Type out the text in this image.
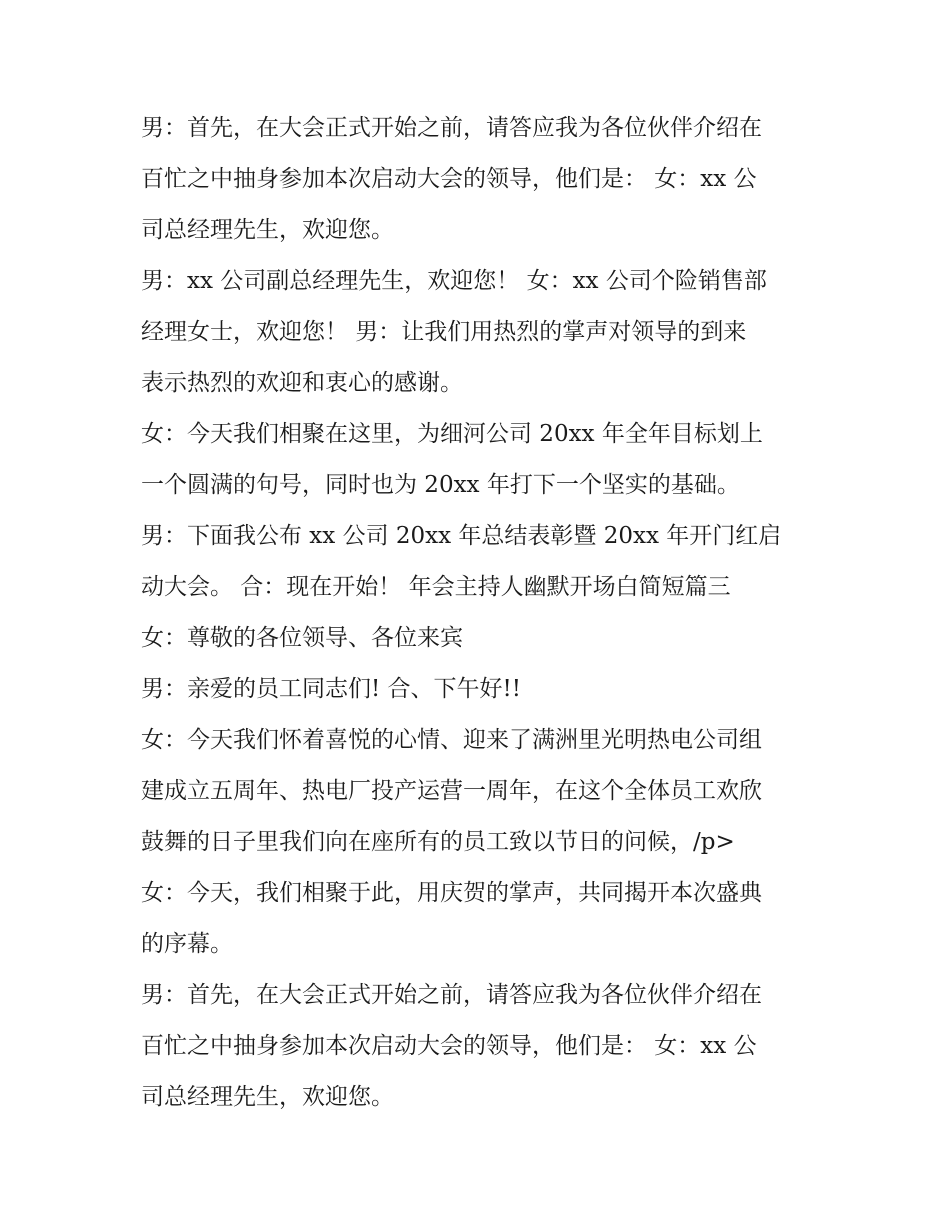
男：首先，在大会正式开始之前，请答应我为各位伙伴介绍在
百忙之中抽身参加本次启动大会的领导，他们是： 女：xx 公
司总经理先生，欢迎您。
男：xx 公司副总经理先生，欢迎您！ 女：xx 公司个险销售部
经理女士，欢迎您！ 男：让我们用热烈的掌声对领导的到来
表示热烈的欢迎和衷心的感谢。
女：今天我们相聚在这里，为细河公司 20xx 年全年目标划上
一个圆满的句号，同时也为 20xx 年打下一个坚实的基础。
男：下面我公布 xx 公司 20xx 年总结表彰暨 20xx 年开门红启
动大会。 合：现在开始！ 年会主持人幽默开场白简短篇三
女：尊敬的各位领导、各位来宾
男：亲爱的员工同志们! 合、下午好!!
女：今天我们怀着喜悦的心情、迎来了满洲里光明热电公司组
建成立五周年、热电厂投产运营一周年，在这个全体员工欢欣
鼓舞的日子里我们向在座所有的员工致以节日的问候，/p>
女：今天，我们相聚于此，用庆贺的掌声，共同揭开本次盛典
的序幕。
男：首先，在大会正式开始之前，请答应我为各位伙伴介绍在
百忙之中抽身参加本次启动大会的领导，他们是： 女：xx 公
司总经理先生，欢迎您。
